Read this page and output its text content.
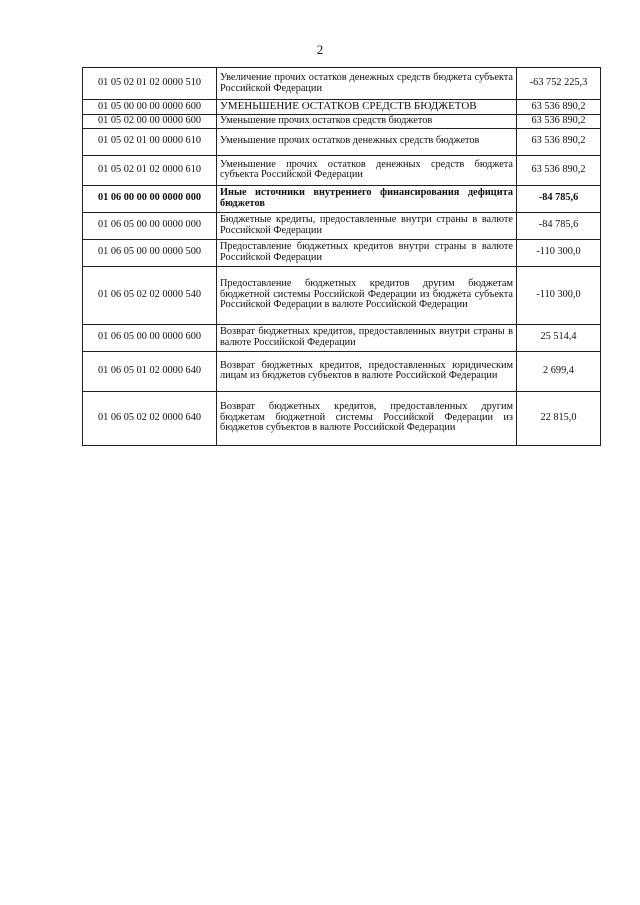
2
01 05 02 01 02 0000 510	Увеличение прочих остатков денежных средств бюджета субъекта Российской Федерации	-63 752 225,3
01 05 00 00 00 0000 600	УМЕНЬШЕНИЕ ОСТАТКОВ СРЕДСТВ БЮДЖЕТОВ	63 536 890,2
01 05 02 00 00 0000 600	Уменьшение прочих остатков средств бюджетов	63 536 890,2
01 05 02 01 00 0000 610	Уменьшение прочих остатков денежных средств бюджетов	63 536 890,2
01 05 02 01 02 0000 610	Уменьшение прочих остатков денежных средств бюджета субъекта Российской Федерации	63 536 890,2
01 06 00 00 00 0000 000	Иные источники внутреннего финансирования дефицита бюджетов	-84 785,6
01 06 05 00 00 0000 000	Бюджетные кредиты, предоставленные внутри страны в валюте Российской Федерации	-84 785,6
01 06 05 00 00 0000 500	Предоставление бюджетных кредитов внутри страны в валюте Российской Федерации	-110 300,0
01 06 05 02 02 0000 540	Предоставление бюджетных кредитов другим бюджетам бюджетной системы Российской Федерации из бюджета субъекта Российской Федерации в валюте Российской Федерации	-110 300,0
01 06 05 00 00 0000 600	Возврат бюджетных кредитов, предоставленных внутри страны в валюте Российской Федерации	25 514,4
01 06 05 01 02 0000 640	Возврат бюджетных кредитов, предоставленных юридическим лицам из бюджетов субъектов в валюте Российской Федерации	2 699,4
01 06 05 02 02 0000 640	Возврат бюджетных кредитов, предоставленных другим бюджетам бюджетной системы Российской Федерации из бюджетов субъектов в валюте Российской Федерации	22 815,0
